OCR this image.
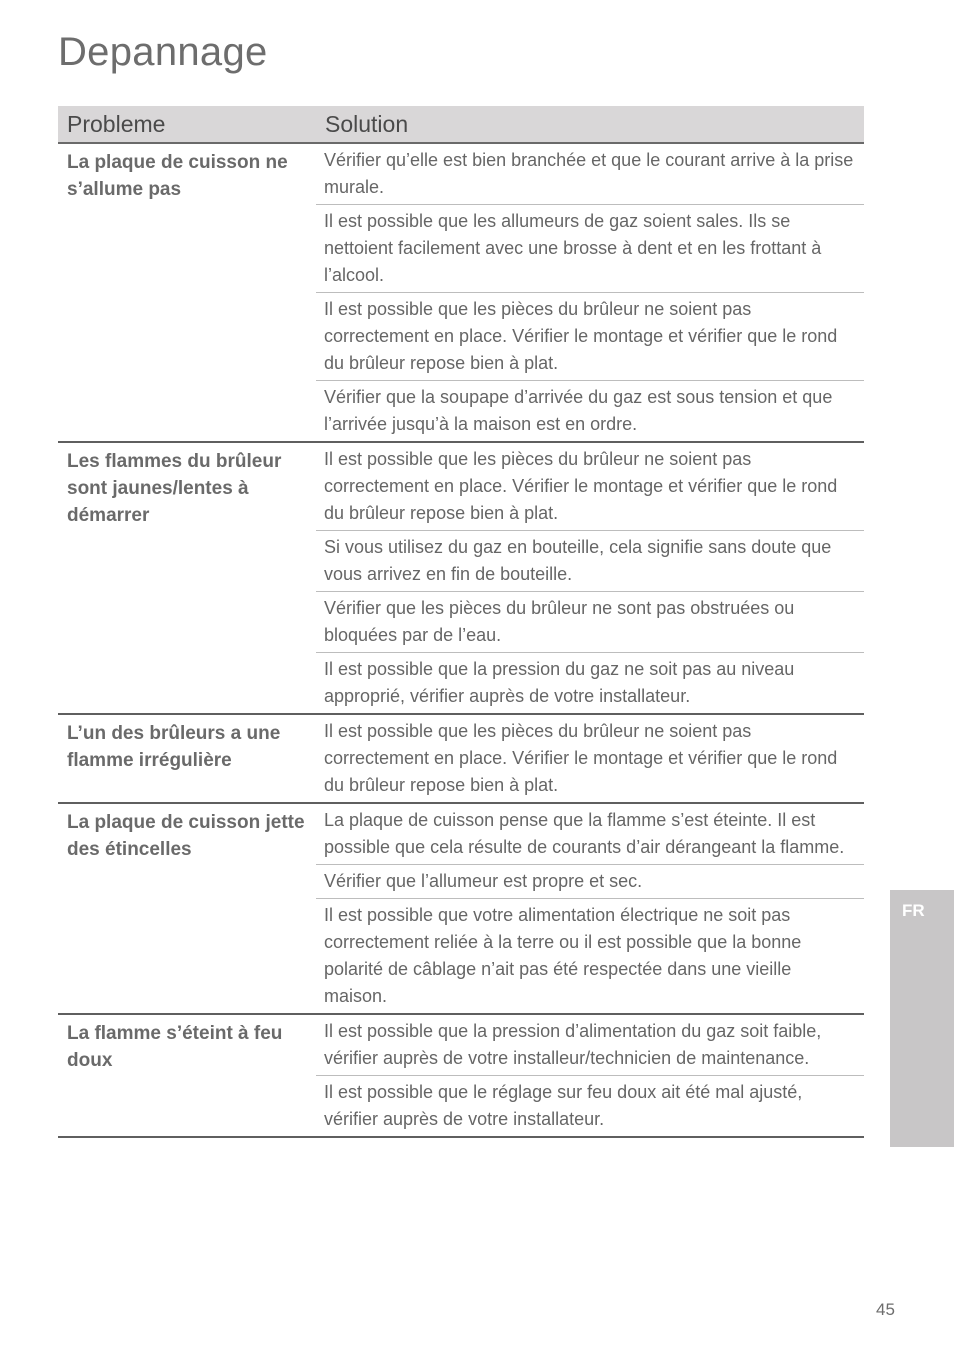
Depannage
Probleme	Solution
La plaque de cuisson ne s’allume pas
Vérifier qu’elle est bien branchée et que le courant arrive à la prise murale.
Il est possible que les allumeurs de gaz soient sales. Ils se nettoient facilement avec une brosse à dent et en les frottant à l’alcool.
Il est possible que les pièces du brûleur ne soient pas correctement en place. Vérifier le montage et vérifier que le rond du brûleur repose bien à plat.
Vérifier que la soupape d’arrivée du gaz est sous tension et que l’arrivée jusqu’à la maison est en ordre.
Les flammes du brûleur sont jaunes/lentes à démarrer
Il est possible que les pièces du brûleur ne soient pas correctement en place. Vérifier le montage et vérifier que le rond du brûleur repose bien à plat.
Si vous utilisez du gaz en bouteille, cela signifie sans doute que vous arrivez en fin de bouteille.
Vérifier que les pièces du brûleur ne sont pas obstruées ou bloquées par de l’eau.
Il est possible que la pression du gaz ne soit pas au niveau approprié, vérifier auprès de votre installateur.
L’un des brûleurs a une flamme irrégulière
Il est possible que les pièces du brûleur ne soient pas correctement en place. Vérifier le montage et vérifier que le rond du brûleur repose bien à plat.
La plaque de cuisson jette des étincelles
La plaque de cuisson pense que la flamme s’est éteinte. Il est possible que cela résulte de courants d’air dérangeant la flamme.
Vérifier que l’allumeur est propre et sec.
Il est possible que votre alimentation électrique ne soit pas correctement reliée à la terre ou il est possible que la bonne polarité de câblage n’ait pas été respectée dans une vieille maison.
La flamme s’éteint à feu doux
Il est possible que la pression d’alimentation du gaz soit faible, vérifier auprès de votre installeur/technicien de maintenance.
Il est possible que le réglage sur feu doux ait été mal ajusté, vérifier auprès de votre installateur.
FR
45
